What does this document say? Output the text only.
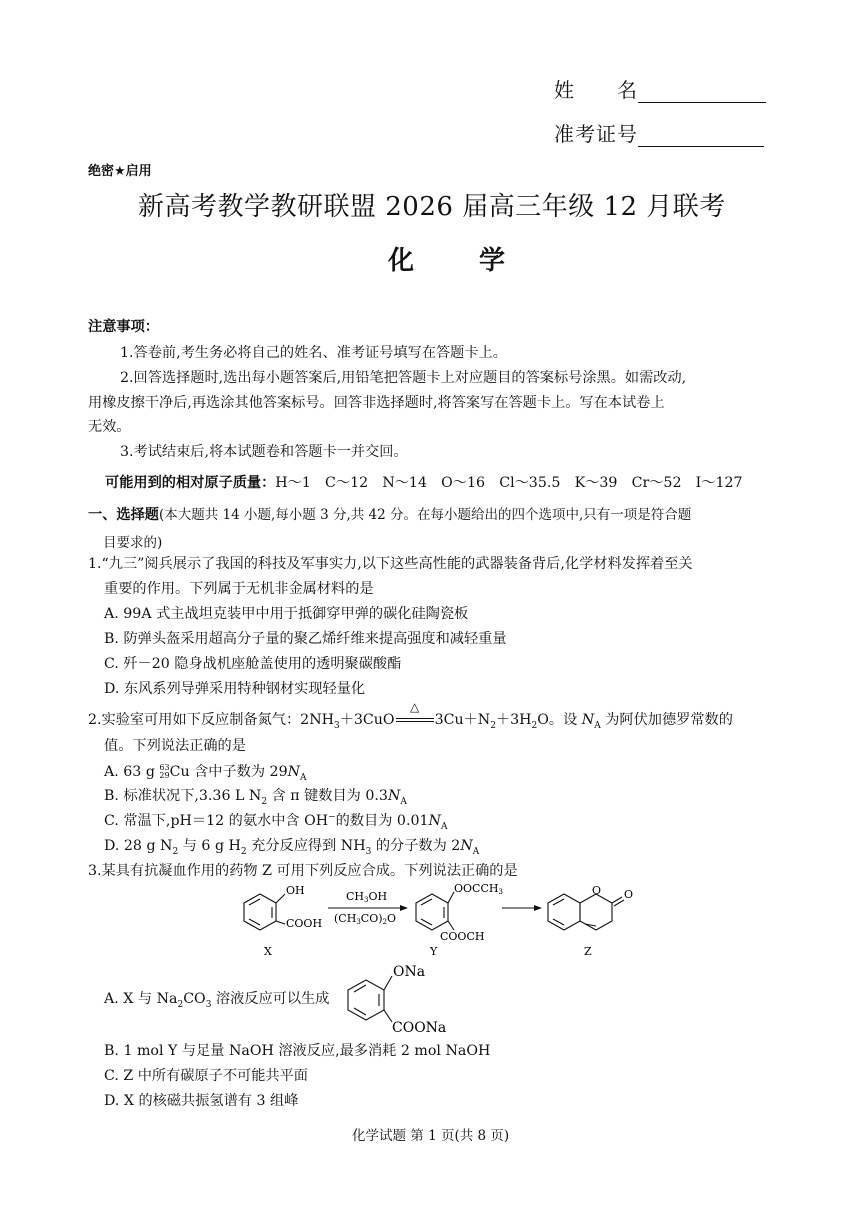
姓　　名
准考证号
绝密★启用
新高考教学教研联盟 2026 届高三年级 12 月联考
化 学
注意事项：
1.答卷前,考生务必将自己的姓名、准考证号填写在答题卡上。
2.回答选择题时,选出每小题答案后,用铅笔把答题卡上对应题目的答案标号涂黑。如需改动,
用橡皮擦干净后,再选涂其他答案标号。回答非选择题时,将答案写在答题卡上。写在本试卷上
无效。
3.考试结束后,将本试题卷和答题卡一并交回。
可能用到的相对原子质量：H～1　C～12　N～14　O～16　Cl～35.5　K～39　Cr～52　I～127
一、选择题(本大题共 14 小题,每小题 3 分,共 42 分。在每小题给出的四个选项中,只有一项是符合题
目要求的)
1.“九三”阅兵展示了我国的科技及军事实力,以下这些高性能的武器装备背后,化学材料发挥着至关
重要的作用。下列属于无机非金属材料的是
A. 99A 式主战坦克装甲中用于抵御穿甲弹的碳化硅陶瓷板
B. 防弹头盔采用超高分子量的聚乙烯纤维来提高强度和减轻重量
C. 歼－20 隐身战机座舱盖使用的透明聚碳酸酯
D. 东风系列导弹采用特种钢材实现轻量化
2.实验室可用如下反应制备氮气：$2NH_3+3CuO$
△
$3Cu+N_2+3H_2O$。设 $N_A$ 为阿伏加德罗常数的
值。下列说法正确的是
A. 63 g 63
29 Cu 含中子数为 $29N_A$
B. 标准状况下,3.36 L $N_2$ 含 π 键数目为 $0.3N_A$
C. 常温下,pH＝12 的氨水中含 OH−的数目为 $0.01N_A$
D. 28 g $N_2$ 与 6 g $H_2$ 充分反应得到 $NH_3$ 的分子数为 $2N_A$
3.某具有抗凝血作用的药物 Z 可用下列反应合成。下列说法正确的是
OH
COOH
X
CH3OH
(CH3CO)2O
OOCCH3
COOCH
Y
O O
Z
A. X 与 $Na_2CO_3$ 溶液反应可以生成
ONa
COONa
B. 1 mol Y 与足量 NaOH 溶液反应,最多消耗 2 mol NaOH
C. Z 中所有碳原子不可能共平面
D. X 的核磁共振氢谱有 3 组峰
化学试题 第 1 页(共 8 页)
